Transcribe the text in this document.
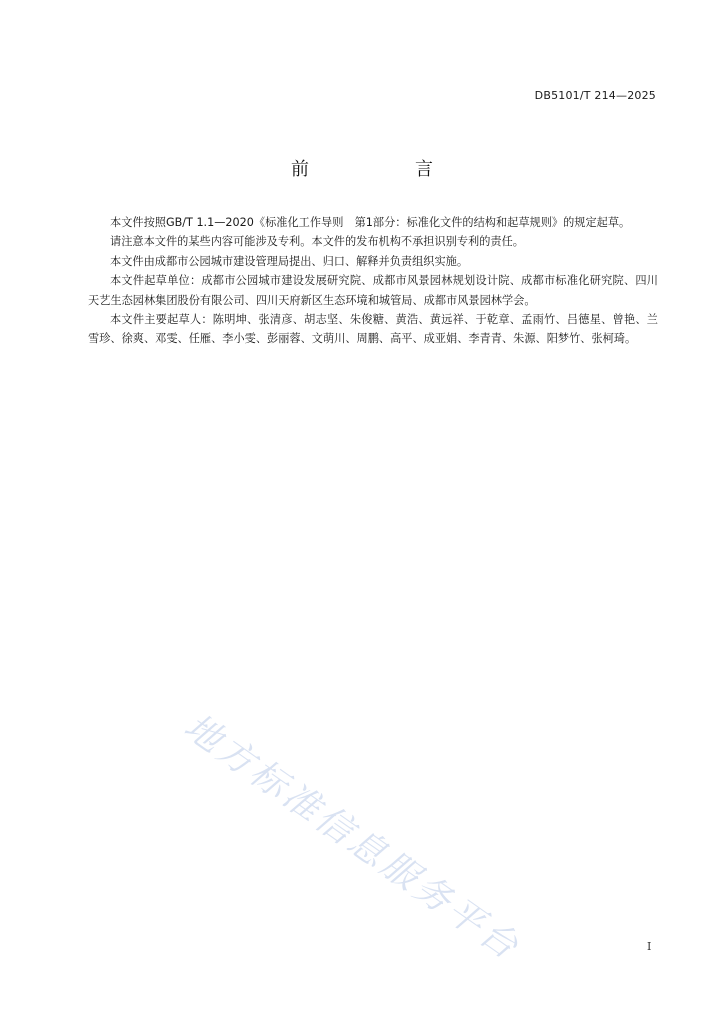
DB5101/T 214—2025
前　言

本文件按照GB/T 1.1—2020《标准化工作导则　第1部分：标准化文件的结构和起草规则》的规定起草。

请注意本文件的某些内容可能涉及专利。本文件的发布机构不承担识别专利的责任。

本文件由成都市公园城市建设管理局提出、归口、解释并负责组织实施。

本文件起草单位：成都市公园城市建设发展研究院、成都市风景园林规划设计院、成都市标准化研究院、四川天艺生态园林集团股份有限公司、四川天府新区生态环境和城管局、成都市风景园林学会。

本文件主要起草人：陈明坤、张清彦、胡志坚、朱俊糖、黄浩、黄远祥、于乾章、孟雨竹、吕德星、曾艳、兰雪珍、徐爽、邓雯、任雁、李小雯、彭丽蓉、文萌川、周鹏、高平、成亚娟、李青青、朱源、阳梦竹、张柯琦。

地方标准信息服务平台	I
